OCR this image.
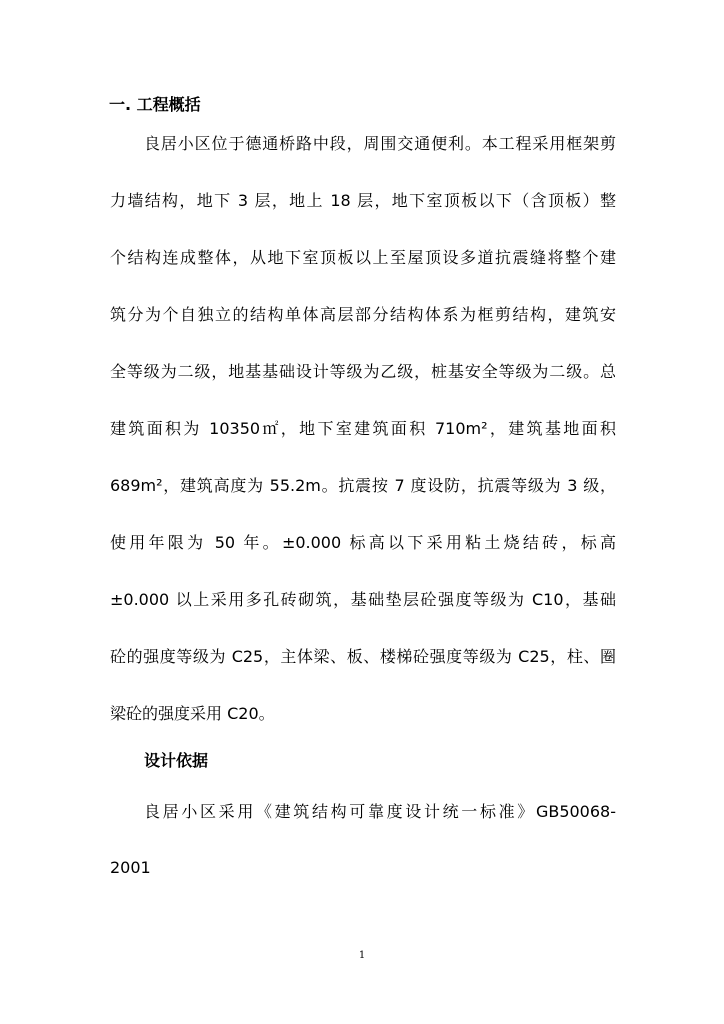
一. 工程概括

良居小区位于德通桥路中段，周围交通便利。本工程采用框架剪

力墙结构，地下 3 层，地上 18 层，地下室顶板以下（含顶板）整

个结构连成整体，从地下室顶板以上至屋顶设多道抗震缝将整个建

筑分为个自独立的结构单体高层部分结构体系为框剪结构，建筑安

全等级为二级，地基基础设计等级为乙级，桩基安全等级为二级。总

建筑面积为 10350㎡，地下室建筑面积 710m²，建筑基地面积

689m²，建筑高度为 55.2m。抗震按 7 度设防，抗震等级为 3 级，

使用年限为 50 年。±0.000 标高以下采用粘土烧结砖，标高

±0.000 以上采用多孔砖砌筑，基础垫层砼强度等级为 C10，基础

砼的强度等级为 C25，主体梁、板、楼梯砼强度等级为 C25，柱、圈

梁砼的强度采用 C20。

设计依据

良居小区采用《建筑结构可靠度设计统一标准》GB50068-

2001

1
